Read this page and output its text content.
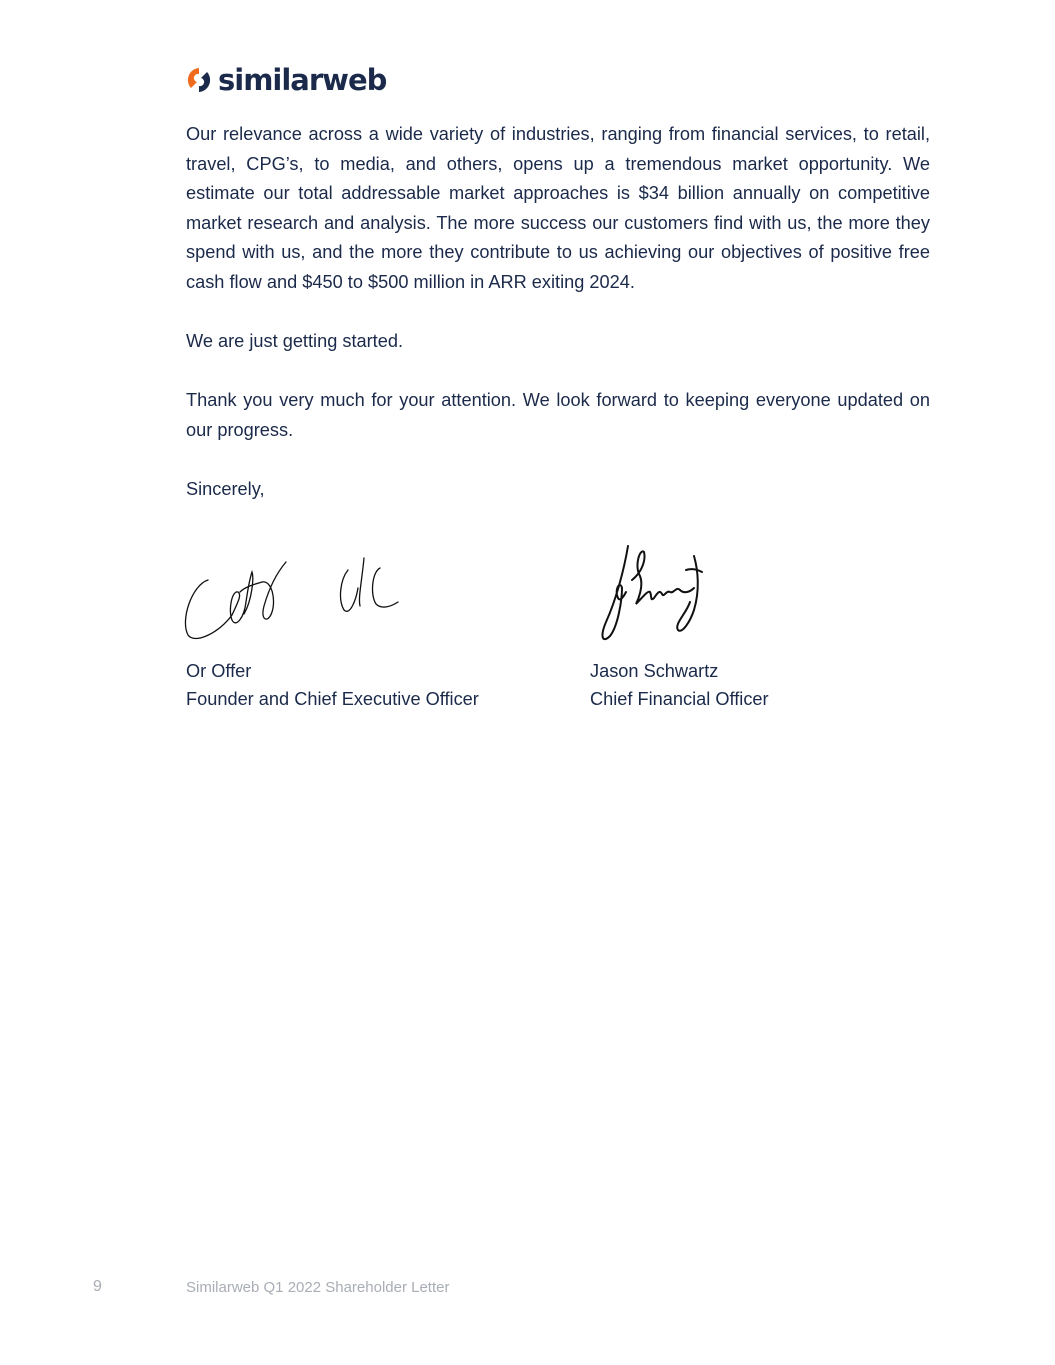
similarweb

Our relevance across a wide variety of industries, ranging from financial services, to retail, travel, CPG’s, to media, and others, opens up a tremendous market opportunity. We estimate our total addressable market approaches is $34 billion annually on competitive market research and analysis. The more success our customers find with us, the more they spend with us, and the more they contribute to us achieving our objectives of positive free cash flow and $450 to $500 million in ARR exiting 2024.

We are just getting started.

Thank you very much for your attention. We look forward to keeping everyone updated on our progress.

Sincerely,

Or Offer
Founder and Chief Executive Officer
Jason Schwartz
Chief Financial Officer
9	Similarweb Q1 2022 Shareholder Letter
